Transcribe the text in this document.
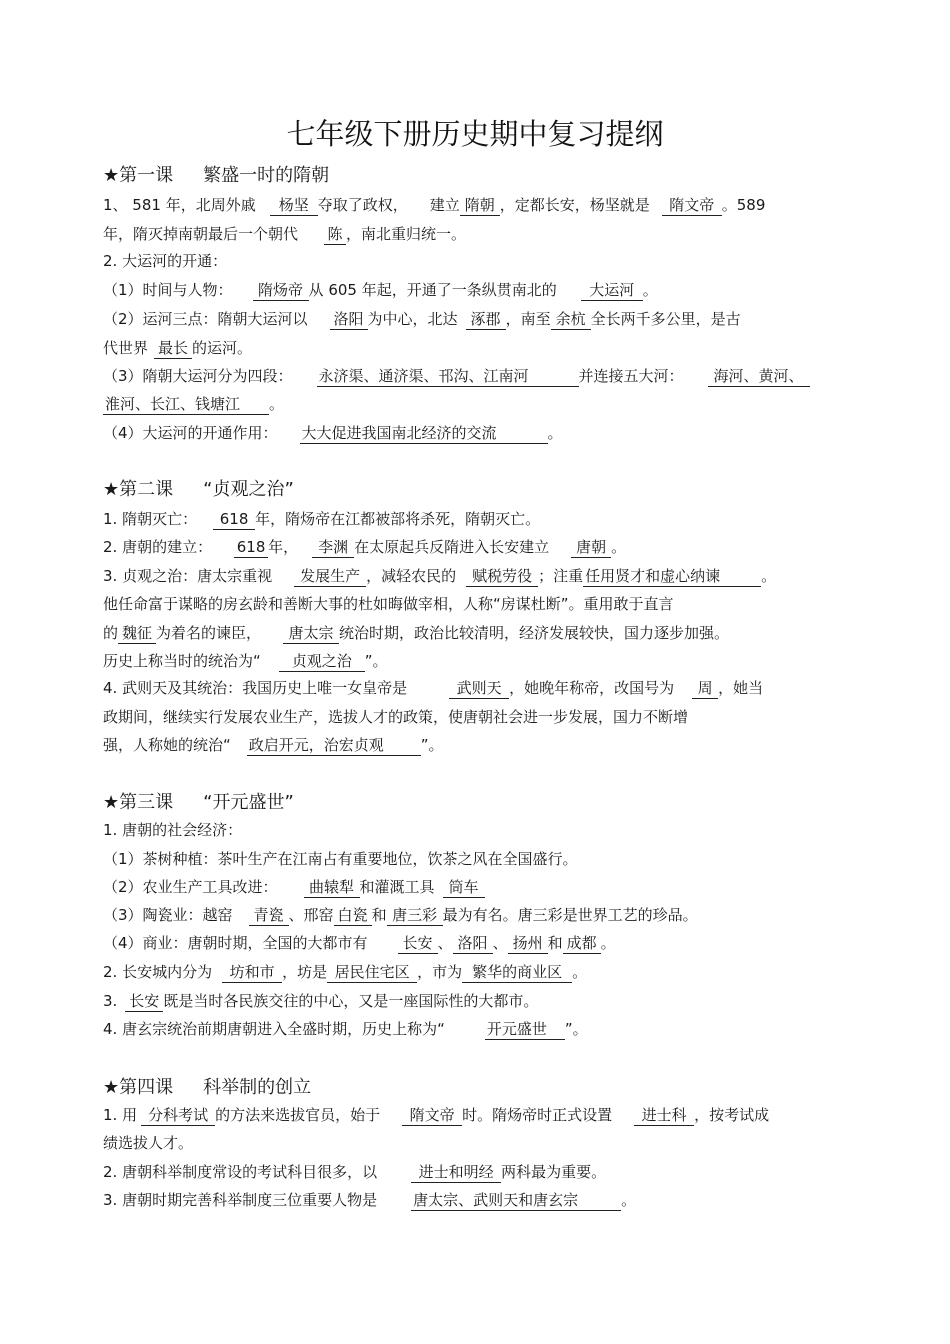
七年级下册历史期中复习提纲
★第一课 繁盛一时的隋朝
1、 581 年，北周外戚 杨坚 夺取了政权， 建立 隋朝 ，定都长安，杨坚就是 隋文帝 。589
年，隋灭掉南朝最后一个朝代 陈 ，南北重归统一。
2. 大运河的开通：
（1）时间与人物： 隋炀帝 从 605 年起，开通了一条纵贯南北的 大运河 。
（2）运河三点：隋朝大运河以 洛阳 为中心，北达 涿郡 ，南至 余杭 全长两千多公里，是古
代世界 最长 的运河。
（3）隋朝大运河分为四段： 永济渠、通济渠、邗沟、江南河	并连接五大河： 海河、黄河、
淮河、长江、钱塘江 。
（4）大运河的开通作用： 大大促进我国南北经济的交流	。
★第二课 “贞观之治”
1. 隋朝灭亡： 618 年，隋炀帝在江都被部将杀死，隋朝灭亡。
2. 唐朝的建立： 618 年， 李渊 在太原起兵反隋进入长安建立 唐朝 。
3. 贞观之治：唐太宗重视 发展生产 ，减轻农民的 赋税劳役 ；注重 任用贤才和虚心纳谏	。
他任命富于谋略的房玄龄和善断大事的杜如晦做宰相，人称“房谋杜断”。重用敢于直言
的 魏征 为着名的谏臣， 唐太宗 统治时期，政治比较清明，经济发展较快，国力逐步加强。
历史上称当时的统治为“ 贞观之治 ”。
4. 武则天及其统治：我国历史上唯一女皇帝是	武则天 ，她晚年称帝，改国号为 周 ，她当
政期间，继续实行发展农业生产，选拔人才的政策，使唐朝社会进一步发展，国力不断增
强，人称她的统治“ 政启开元，治宏贞观 ”。
★第三课 “开元盛世”
1. 唐朝的社会经济：
（1）茶树种植：茶叶生产在江南占有重要地位，饮茶之风在全国盛行。
（2）农业生产工具改进： 曲辕犁 和灌溉工具 筒车
（3）陶瓷业：越窑 青瓷 、邢窑 白瓷 和 唐三彩 最为有名。唐三彩是世界工艺的珍品。
（4）商业：唐朝时期，全国的大都市有 长安 、 洛阳 、 扬州 和 成都 。
2. 长安城内分为 坊和市 ，坊是 居民住宅区 ，市为 繁华的商业区 。
3. 长安 既是当时各民族交往的中心，又是一座国际性的大都市。
4. 唐玄宗统治前期唐朝进入全盛时期，历史上称为“	开元盛世 ”。
★第四课 科举制的创立
1. 用 分科考试 的方法来选拔官员，始于 隋文帝 时。隋炀帝时正式设置 进士科 ，按考试成
绩选拔人才。
2. 唐朝科举制度常设的考试科目很多，以	进士和明经 两科最为重要。
3. 唐朝时期完善科举制度三位重要人物是 唐太宗、武则天和唐玄宗	。
